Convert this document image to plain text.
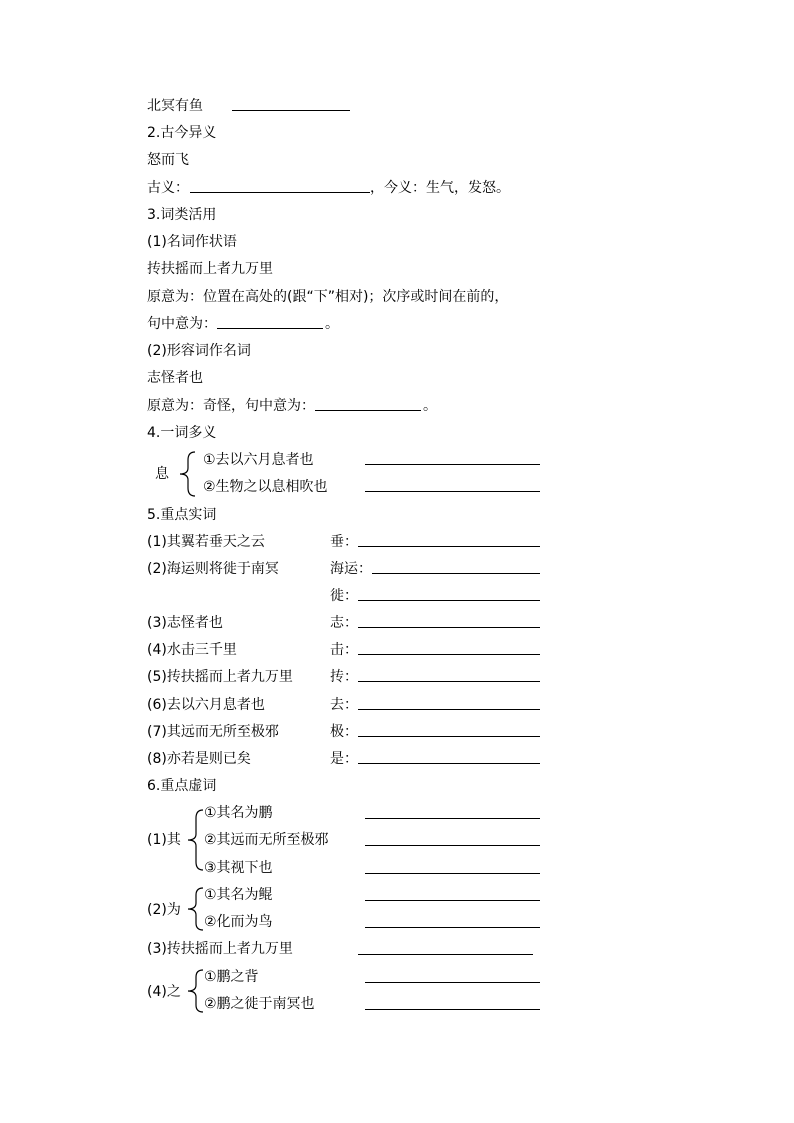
北冥有鱼
2.古今异义
怒而飞
古义：	，今义：生气，发怒。
3.词类活用
(1)名词作状语
抟扶摇而上者九万里
原意为：位置在高处的(跟“下”相对)；次序或时间在前的，
句中意为：	。
(2)形容词作名词
志怪者也
原意为：奇怪，句中意为：	。
4.一词多义
息
①去以六月息者也
②生物之以息相吹也
5.重点实词
(1)其翼若垂天之云	垂：
(2)海运则将徙于南冥	海运：
徙：
(3)志怪者也	志：
(4)水击三千里	击：
(5)抟扶摇而上者九万里	抟：
(6)去以六月息者也	去：
(7)其远而无所至极邪	极：
(8)亦若是则已矣	是：
6.重点虚词
(1)其
①其名为鹏
②其远而无所至极邪
③其视下也
(2)为
①其名为鲲
②化而为鸟
(3)抟扶摇而上者九万里
(4)之
①鹏之背
②鹏之徙于南冥也
